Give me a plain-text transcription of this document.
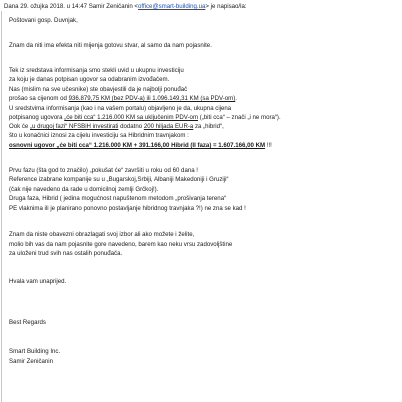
Dana 29. ožujka 2018. u 14:47 Samir Zeničanin <office@smart-building.ua> je napisao/la:
Poštovani gosp. Duvnjak,
Znam da niti ima efekta niti mijenja gotovu stvar, al samo da nam pojasnite.
Tek iz sredstava informisanja smo stekli uvid u ukupnu investiciju
za koju je danas potpisan ugovor sa odabranim izvođačem.
Nas (mislim na sve učesnike) ste obavjestili da je najbolji ponuđač
prošao sa cijenom od 936.879,75 KM (bez PDV-a) ili 1.096.149,31 KM (sa PDV-om).
U sredstvima informisanja (kao i na vašem portalu) objavljeno je da, ukupna cijena
potpisanog ugovora „će biti cca“ 1.216.000 KM sa uključenim PDV-om („biti cca“ – znači „i ne mora“).
Ook će „u drugoj fazi“ NFSBiH investirati dodatno 200 hiljada EUR-a za „hibrid“,
što u konačnici iznosi za cijelu investiciju sa Hibridnim travnjakom :
osnovni ugovor „će biti cca“ 1.216.000 KM + 391.166,00 Hibrid (II faza) = 1.607.166,00 KM !!!
Prvu fazu (šta god to značilo) „pokušat će“ završiti u roku od 60 dana !
Reference izabrane kompanije su u „Bugarskoj,Srbiji, Albaniji Makedoniji i Gruziji“
(čak nije navedeno da rade u domicilnoj zemlji Grčkoj!).
Druga faza, Hibrid ( jedina mogućnost napuštenom metodom „prošivanja terena“
PE vlaknima ili je planirano ponovno postavljanje hibridnog travnjaka ?!) ne zna se kad !
Znam da niste obavezni obrazlagati svoj izbor ali ako možete i želite,
molio bih vas da nam pojasnite gore navedeno, barem kao neku vrsu zadovoljštine
za uloženi trud svih nas ostalih ponuđača.
Hvala vam unaprijed.
Best Regards
Smart Building Inc.
Samir Zeničanin
